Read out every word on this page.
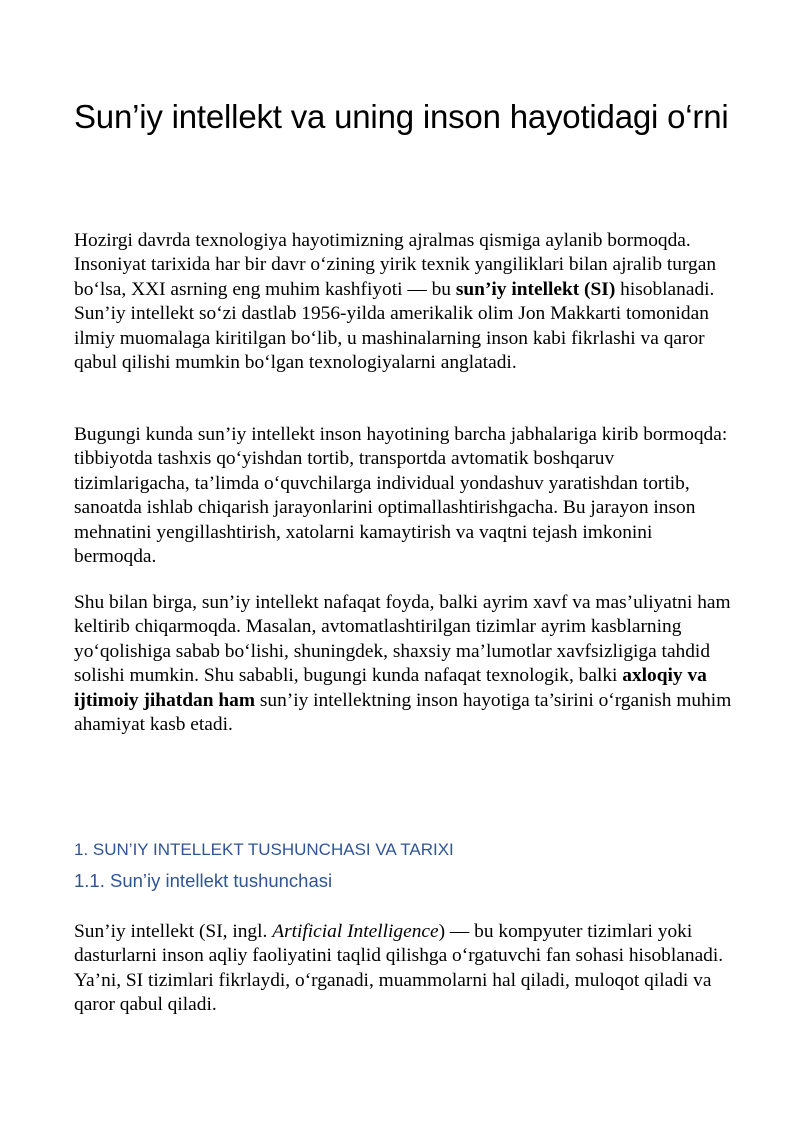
Sun’iy intellekt va uning inson hayotidagi o‘rni

Hozirgi davrda texnologiya hayotimizning ajralmas qismiga aylanib bormoqda. Insoniyat tarixida har bir davr o‘zining yirik texnik yangiliklari bilan ajralib turgan bo‘lsa, XXI asrning eng muhim kashfiyoti — bu sun’iy intellekt (SI) hisoblanadi. Sun’iy intellekt so‘zi dastlab 1956-yilda amerikalik olim Jon Makkarti tomonidan ilmiy muomalaga kiritilgan bo‘lib, u mashinalarning inson kabi fikrlashi va qaror qabul qilishi mumkin bo‘lgan texnologiyalarni anglatadi.

Bugungi kunda sun’iy intellekt inson hayotining barcha jabhalariga kirib bormoqda: tibbiyotda tashxis qo‘yishdan tortib, transportda avtomatik boshqaruv tizimlarigacha, ta’limda o‘quvchilarga individual yondashuv yaratishdan tortib, sanoatda ishlab chiqarish jarayonlarini optimallashtirishgacha. Bu jarayon inson mehnatini yengillashtirish, xatolarni kamaytirish va vaqtni tejash imkonini bermoqda.

Shu bilan birga, sun’iy intellekt nafaqat foyda, balki ayrim xavf va mas’uliyatni ham keltirib chiqarmoqda. Masalan, avtomatlashtirilgan tizimlar ayrim kasblarning yo‘qolishiga sabab bo‘lishi, shuningdek, shaxsiy ma’lumotlar xavfsizligiga tahdid solishi mumkin. Shu sababli, bugungi kunda nafaqat texnologik, balki axloqiy va ijtimoiy jihatdan ham sun’iy intellektning inson hayotiga ta’sirini o‘rganish muhim ahamiyat kasb etadi.

1. SUN’IY INTELLEKT TUSHUNCHASI VA TARIXI
1.1. Sun’iy intellekt tushunchasi

Sun’iy intellekt (SI, ingl. Artificial Intelligence) — bu kompyuter tizimlari yoki dasturlarni inson aqliy faoliyatini taqlid qilishga o‘rgatuvchi fan sohasi hisoblanadi. Ya’ni, SI tizimlari fikrlaydi, o‘rganadi, muammolarni hal qiladi, muloqot qiladi va qaror qabul qiladi.
